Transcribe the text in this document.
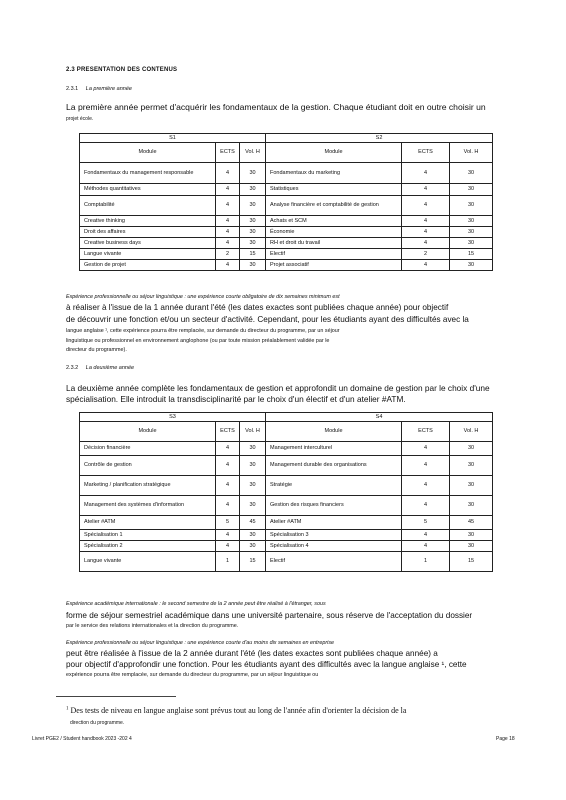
2.3 PRESENTATION DES CONTENUS
2.3.1 La première année
La première année permet d'acquérir les fondamentaux de la gestion. Chaque étudiant doit en outre choisir un
projet école.
S1			S2		
Module	ECTS	Vol. H	Module	ECTS	Vol. H
Fondamentaux du management responsable	4	30	Fondamentaux du marketing	4	30
Méthodes quantitatives	4	30	Statistiques	4	30
Comptabilité	4	30	Analyse financière et comptabilité de gestion	4	30
Creative thinking	4	30	Achats et SCM	4	30
Droit des affaires	4	30	Économie	4	30
Creative business days	4	30	RH et droit du travail	4	30
Langue vivante	2	15	Electif	2	15
Gestion de projet	4	30	Projet associatif	4	30
Expérience professionnelle ou séjour linguistique : une expérience courte obligatoire de dix semaines minimum est
à réaliser à l'issue de la 1 année durant l'été (les dates exactes sont publiées chaque année) pour objectif
de découvrir une fonction et/ou un secteur d'activité. Cependant, pour les étudiants ayant des difficultés avec la
langue anglaise ¹, cette expérience pourra être remplacée, sur demande du directeur du programme, par un séjour
linguistique ou professionnel en environnement anglophone (ou par toute mission préalablement validée par le
directeur du programme).
2.3.2 La deuxième année
La deuxième année complète les fondamentaux de gestion et approfondit un domaine de gestion par le choix d'une
spécialisation. Elle introduit la transdisciplinarité par le choix d'un électif et d'un atelier #ATM.
S3			S4		
Module	ECTS	Vol. H	Module	ECTS	Vol. H
Décision financière	4	30	Management interculturel	4	30
Contrôle de gestion	4	30	Management durable des organisations	4	30
Marketing / planification stratégique	4	30	Stratégie	4	30
Management des systèmes d'information	4	30	Gestion des risques financiers	4	30
Atelier #ATM	5	45	Atelier #ATM	5	45
Spécialisation 1	4	30	Spécialisation 3	4	30
Spécialisation 2	4	30	Spécialisation 4	4	30
Langue vivante	1	15	Electif	1	15
Expérience académique internationale : le second semestre de la 2 année peut être réalisé à l'étranger, sous
forme de séjour semestriel académique dans une université partenaire, sous réserve de l'acceptation du dossier
par le service des relations internationales et la direction du programme.
Expérience professionnelle ou séjour linguistique : une expérience courte d'au moins dix semaines en entreprise
peut être réalisée à l'issue de la 2 année durant l'été (les dates exactes sont publiées chaque année) a
pour objectif d'approfondir une fonction. Pour les étudiants ayant des difficultés avec la langue anglaise ¹, cette
expérience pourra être remplacée, sur demande du directeur du programme, par un séjour linguistique ou
$^1$ Des tests de niveau en langue anglaise sont prévus tout au long de l'année afin d'orienter la décision de la
direction du programme.
Livret PGE2 / Student handbook 2023 -202 4	Page 18
